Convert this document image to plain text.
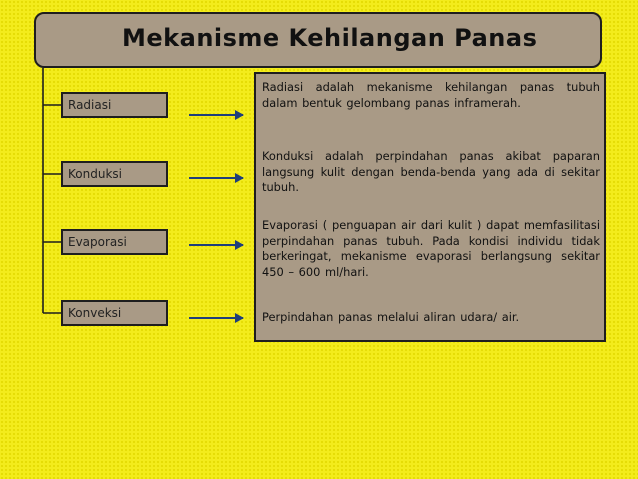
Mekanisme Kehilangan Panas
Radiasi
Konduksi
Evaporasi
Konveksi

Radiasi adalah mekanisme kehilangan panas tubuh dalam bentuk gelombang panas inframerah.

Konduksi adalah perpindahan panas akibat paparan langsung kulit dengan benda-benda yang ada di sekitar tubuh.

Evaporasi ( penguapan air dari kulit ) dapat memfasilitasi perpindahan panas tubuh. Pada kondisi individu tidak berkeringat, mekanisme evaporasi berlangsung sekitar 450 – 600 ml/hari.

Perpindahan panas melalui aliran udara/ air.
